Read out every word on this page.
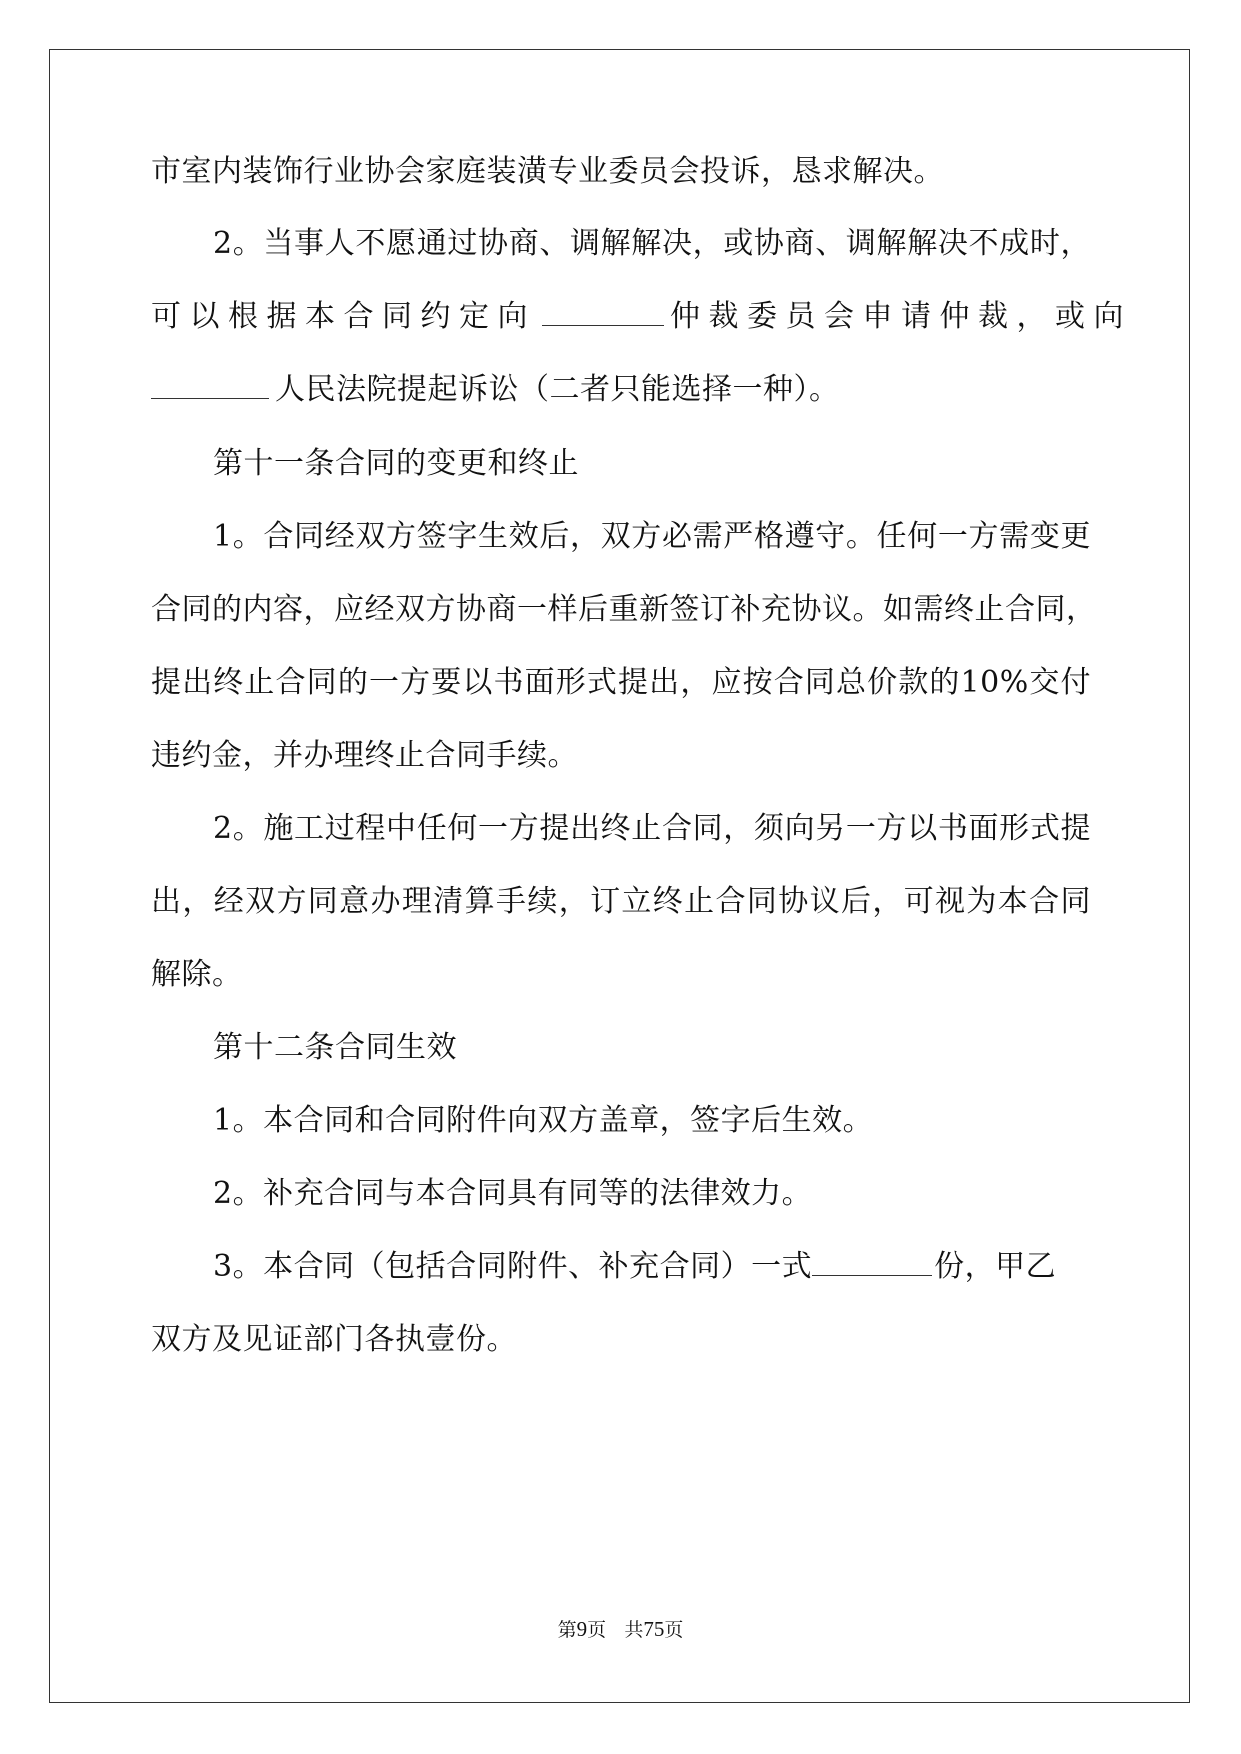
市室内装饰行业协会家庭装潢专业委员会投诉，恳求解决。
2。当事人不愿通过协商、调解解决，或协商、调解解决不成时，
可以根据本合同约定向	仲裁委员会申请仲裁，或向
人民法院提起诉讼（二者只能选择一种）。
第十一条合同的变更和终止
1。合同经双方签字生效后，双方必需严格遵守。任何一方需变更
合同的内容，应经双方协商一样后重新签订补充协议。如需终止合同，
提出终止合同的一方要以书面形式提出，应按合同总价款的10%交付
违约金，并办理终止合同手续。
2。施工过程中任何一方提出终止合同，须向另一方以书面形式提
出，经双方同意办理清算手续，订立终止合同协议后，可视为本合同
解除。
第十二条合同生效
1。本合同和合同附件向双方盖章，签字后生效。
2。补充合同与本合同具有同等的法律效力。
3。本合同（包括合同附件、补充合同）一式	份，甲乙
双方及见证部门各执壹份。
第9页 共75页
